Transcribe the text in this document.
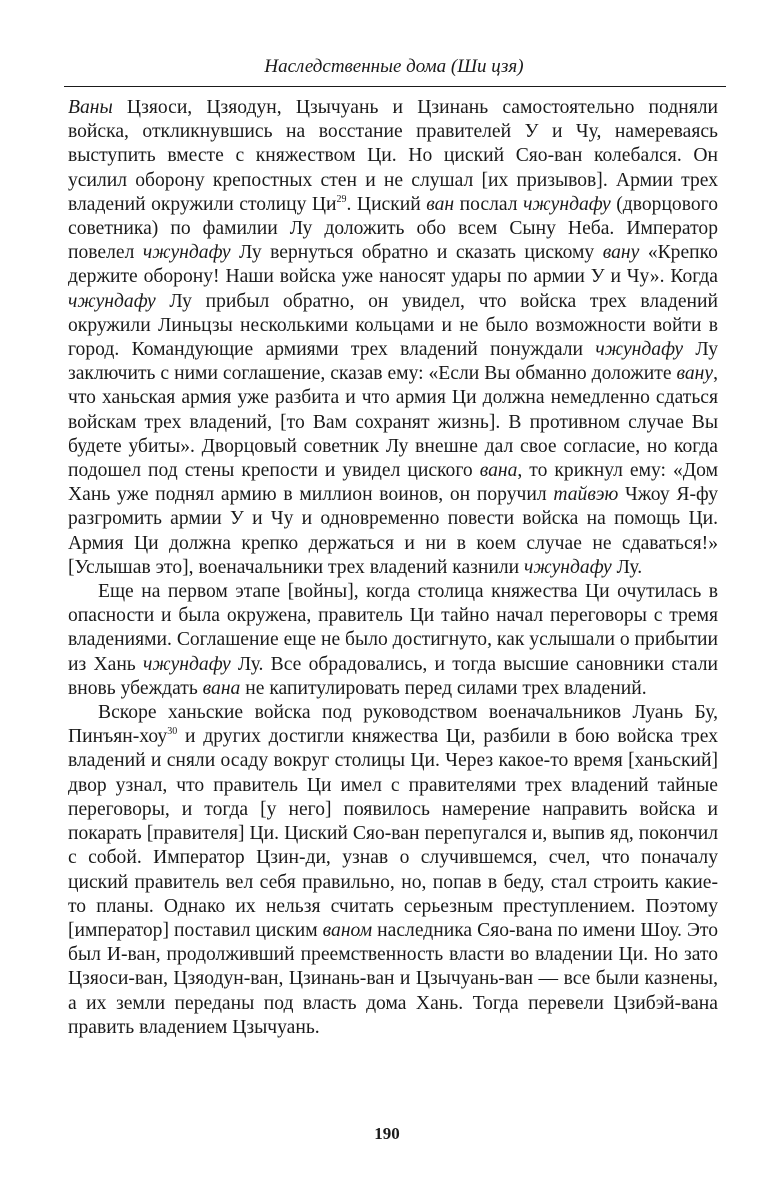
Наследственные дома (Ши цзя)

Ваны Цзяоси, Цзяодун, Цзычуань и Цзинань самостоятельно подняли войска, откликнувшись на восстание правителей У и Чу, намереваясь выступить вместе с княжеством Ци. Но циский Сяо-ван колебался. Он усилил оборону крепостных стен и не слушал [их призывов]. Армии трех владений окружили столицу $Ци^{29}$. Циский ван послал чжундафу (дворцового советника) по фамилии Лу доложить обо всем Сыну Неба. Император повелел чжундафу Лу вернуться обратно и сказать цискому вану «Крепко держите оборону! Наши войска уже наносят удары по армии У и Чу». Когда чжундафу Лу прибыл обратно, он увидел, что войска трех владений окружили Линьцзы несколькими кольцами и не было возможности войти в город. Командующие армиями трех владений понуждали чжундафу Лу заключить с ними соглашение, сказав ему: «Если Вы обманно доложите вану, что ханьская армия уже разбита и что армия Ци должна немедленно сдаться войскам трех владений, [то Вам сохранят жизнь]. В противном случае Вы будете убиты». Дворцовый советник Лу внешне дал свое согласие, но когда подошел под стены крепости и увидел циского вана, то крикнул ему: «Дом Хань уже поднял армию в миллион воинов, он поручил тайвэю Чжоу Я-фу разгромить армии У и Чу и одновременно повести войска на помощь Ци. Армия Ци должна крепко держаться и ни в коем случае не сдаваться!» [Услышав это], военачальники трех владений казнили чжундафу Лу.

Еще на первом этапе [войны], когда столица княжества Ци очутилась в опасности и была окружена, правитель Ци тайно начал переговоры с тремя владениями. Соглашение еще не было достигнуто, как услышали о прибытии из Хань чжундафу Лу. Все обрадовались, и тогда высшие сановники стали вновь убеждать вана не капитулировать перед силами трех владений.

Вскоре ханьские войска под руководством военачальников Луань Бу, Пинъян-хоу$^{30}$ и других достигли княжества Ци, разбили в бою войска трех владений и сняли осаду вокруг столицы Ци. Через какое-то время [ханьский] двор узнал, что правитель Ци имел с правителями трех владений тайные переговоры, и тогда [у него] появилось намерение направить войска и покарать [правителя] Ци. Циский Сяо-ван перепугался и, выпив яд, покончил с собой. Император Цзин-ди, узнав о случившемся, счел, что поначалу циский правитель вел себя правильно, но, попав в беду, стал строить какие-то планы. Однако их нельзя считать серьезным преступлением. Поэтому [император] поставил циским ваном наследника Сяо-вана по имени Шоу. Это был И-ван, продолживший преемственность власти во владении Ци. Но зато Цзяоси-ван, Цзяодун-ван, Цзинань-ван и Цзычуань-ван — все были казнены, а их земли переданы под власть дома Хань. Тогда перевели Цзибэй-вана править владением Цзычуань.

190
